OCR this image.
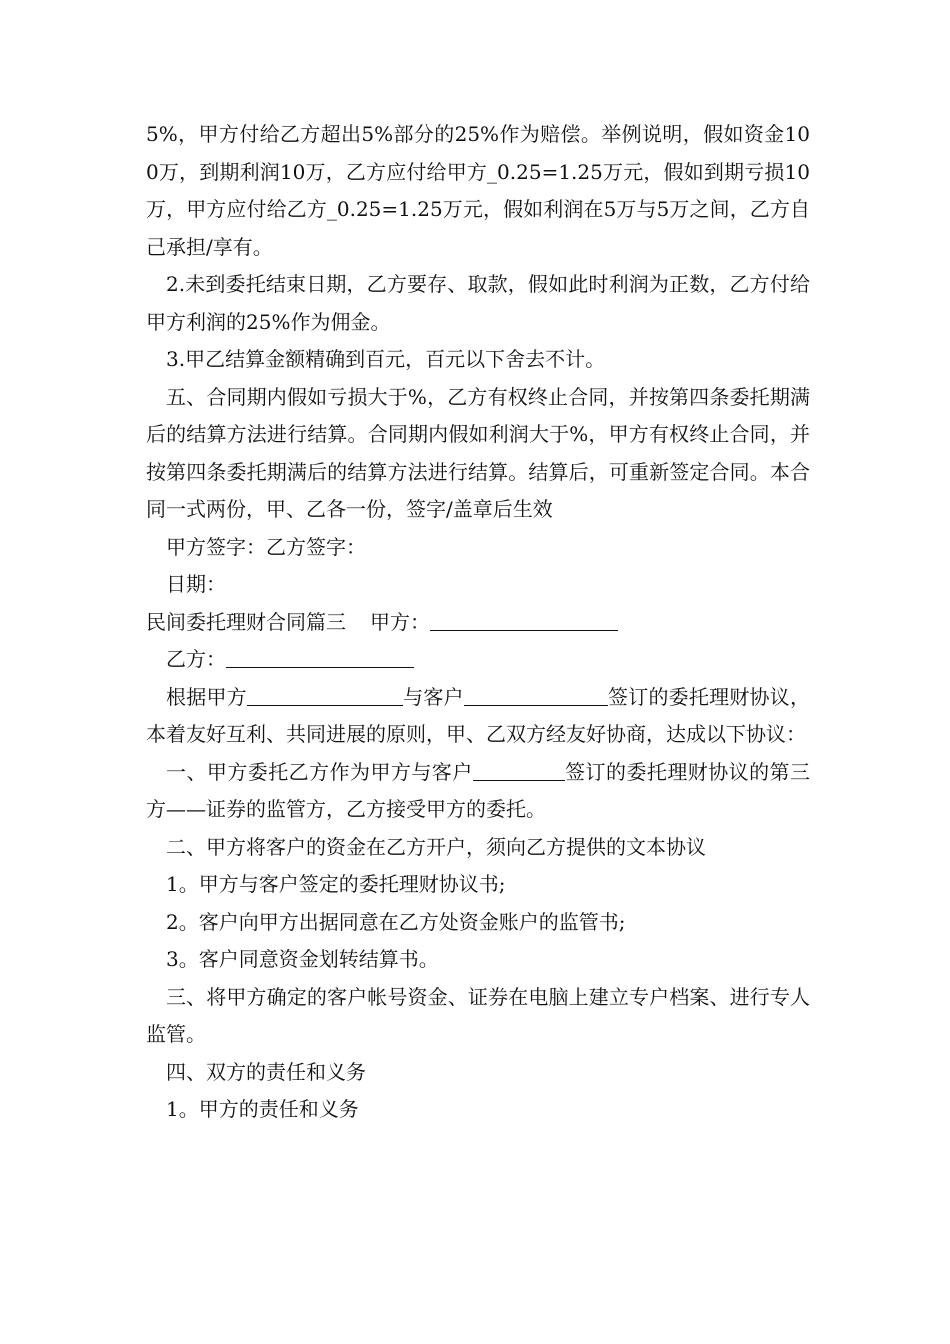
5%，甲方付给乙方超出5%部分的25%作为赔偿。举例说明，假如资金100万，到期利润10万，乙方应付给甲方_0.25=1.25万元，假如到期亏损10万，甲方应付给乙方_0.25=1.25万元，假如利润在5万与5万之间，乙方自己承担/享有。

2.未到委托结束日期，乙方要存、取款，假如此时利润为正数，乙方付给甲方利润的25%作为佣金。

3.甲乙结算金额精确到百元，百元以下舍去不计。

五、合同期内假如亏损大于%，乙方有权终止合同，并按第四条委托期满后的结算方法进行结算。合同期内假如利润大于%，甲方有权终止合同，并按第四条委托期满后的结算方法进行结算。结算后，可重新签定合同。本合同一式两份，甲、乙各一份，签字/盖章后生效

甲方签字：乙方签字：

日期：

民间委托理财合同篇三 甲方：
乙方：

根据甲方	与客户	签订的委托理财协议，本着友好互利、共同进展的原则，甲、乙双方经友好协商，达成以下协议：

一、甲方委托乙方作为甲方与客户	签订的委托理财协议的第三方——证券的监管方，乙方接受甲方的委托。

二、甲方将客户的资金在乙方开户，须向乙方提供的文本协议

1。甲方与客户签定的委托理财协议书;

2。客户向甲方出据同意在乙方处资金账户的监管书;

3。客户同意资金划转结算书。

三、将甲方确定的客户帐号资金、证券在电脑上建立专户档案、进行专人监管。

四、双方的责任和义务

1。甲方的责任和义务
